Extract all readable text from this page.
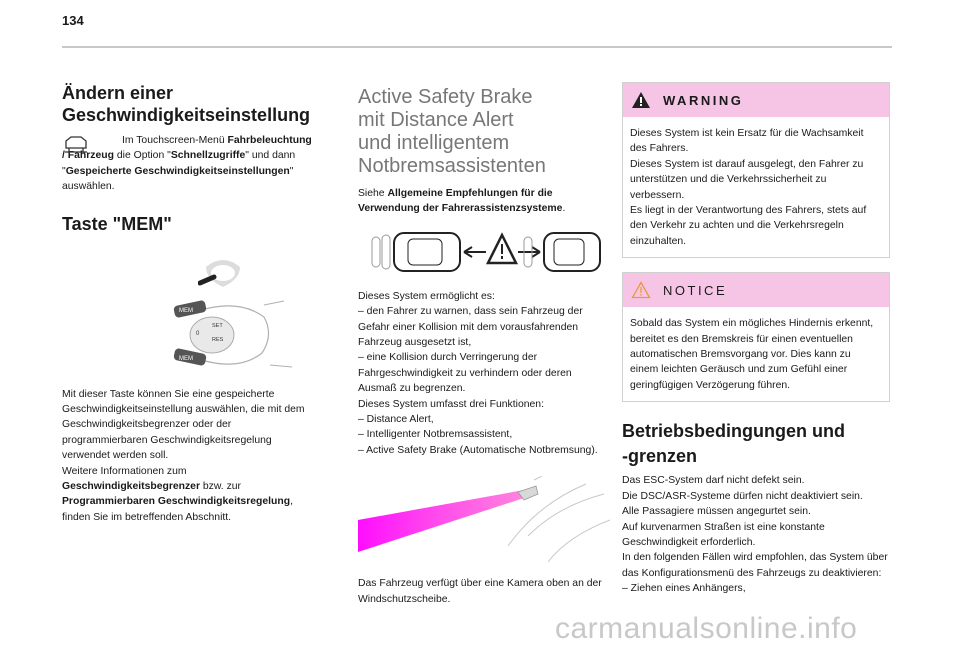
134
Ändern einer Geschwindigkeitseinstellung

Im Touchscreen-Menü Fahrbeleuchtung / Fahrzeug die Option "Schnellzugriffe" und dann "Gespeicherte Geschwindigkeitseinstellungen" auswählen.

Taste "MEM"
MEM
SET
RES
0
MEM

Mit dieser Taste können Sie eine gespeicherte Geschwindigkeitseinstellung auswählen, die mit dem Geschwindigkeitsbegrenzer oder der programmierbaren Geschwindigkeitsregelung verwendet werden soll.

Weitere Informationen zum Geschwindigkeitsbegrenzer bzw. zur Programmierbaren Geschwindigkeitsregelung, finden Sie im betreffenden Abschnitt.

Active Safety Brake
mit Distance Alert
und intelligentem
Notbremsassistenten

Siehe Allgemeine Empfehlungen für die Verwendung der Fahrerassistenzsysteme.

Dieses System ermöglicht es:

– den Fahrer zu warnen, dass sein Fahrzeug der Gefahr einer Kollision mit dem vorausfahrenden Fahrzeug ausgesetzt ist,

– eine Kollision durch Verringerung der Fahrgeschwindigkeit zu verhindern oder deren Ausmaß zu begrenzen.

Dieses System umfasst drei Funktionen:

– Distance Alert,

– Intelligenter Notbremsassistent,

– Active Safety Brake (Automatische Notbremsung).

Das Fahrzeug verfügt über eine Kamera oben an der Windschutzscheibe.

WARNING

Dieses System ist kein Ersatz für die Wachsamkeit des Fahrers.

Dieses System ist darauf ausgelegt, den Fahrer zu unterstützen und die Verkehrssicherheit zu verbessern.

Es liegt in der Verantwortung des Fahrers, stets auf den Verkehr zu achten und die Verkehrsregeln einzuhalten.

NOTICE

Sobald das System ein mögliches Hindernis erkennt, bereitet es den Bremskreis für einen eventuellen automatischen Bremsvorgang vor. Dies kann zu einem leichten Geräusch und zum Gefühl einer geringfügigen Verzögerung führen.

Betriebsbedingungen und
-grenzen

Das ESC-System darf nicht defekt sein.

Die DSC/ASR-Systeme dürfen nicht deaktiviert sein.

Alle Passagiere müssen angegurtet sein.

Auf kurvenarmen Straßen ist eine konstante Geschwindigkeit erforderlich.

In den folgenden Fällen wird empfohlen, das System über das Konfigurationsmenü des Fahrzeugs zu deaktivieren:

– Ziehen eines Anhängers,

carmanualsonline.info
